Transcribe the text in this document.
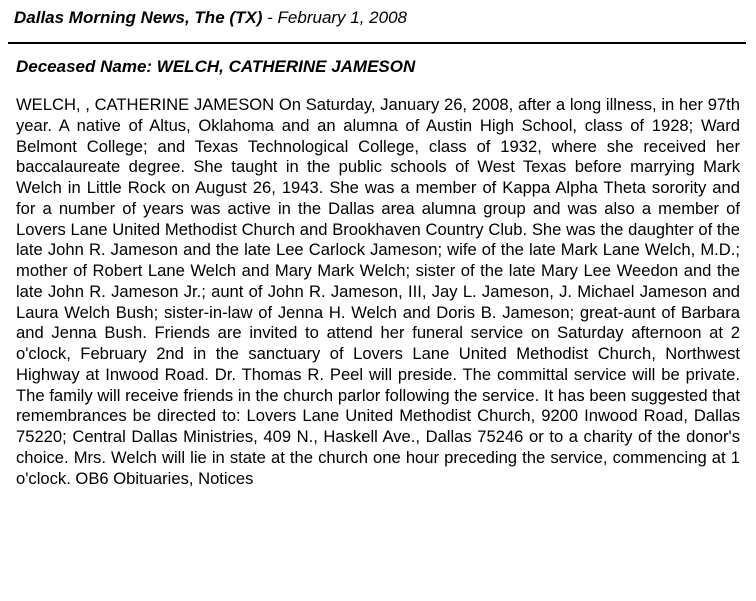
Dallas Morning News, The (TX) - February 1, 2008
Deceased Name: WELCH, CATHERINE JAMESON

WELCH, , CATHERINE JAMESON On Saturday, January 26, 2008, after a long illness, in her 97th year. A native of Altus, Oklahoma and an alumna of Austin High School, class of 1928; Ward Belmont College; and Texas Technological College, class of 1932, where she received her baccalaureate degree. She taught in the public schools of West Texas before marrying Mark Welch in Little Rock on August 26, 1943. She was a member of Kappa Alpha Theta sorority and for a number of years was active in the Dallas area alumna group and was also a member of Lovers Lane United Methodist Church and Brookhaven Country Club. She was the daughter of the late John R. Jameson and the late Lee Carlock Jameson; wife of the late Mark Lane Welch, M.D.; mother of Robert Lane Welch and Mary Mark Welch; sister of the late Mary Lee Weedon and the late John R. Jameson Jr.; aunt of John R. Jameson, III, Jay L. Jameson, J. Michael Jameson and Laura Welch Bush; sister-in-law of Jenna H. Welch and Doris B. Jameson; great-aunt of Barbara and Jenna Bush. Friends are invited to attend her funeral service on Saturday afternoon at 2 o'clock, February 2nd in the sanctuary of Lovers Lane United Methodist Church, Northwest Highway at Inwood Road. Dr. Thomas R. Peel will preside. The committal service will be private. The family will receive friends in the church parlor following the service. It has been suggested that remembrances be directed to: Lovers Lane United Methodist Church, 9200 Inwood Road, Dallas 75220; Central Dallas Ministries, 409 N., Haskell Ave., Dallas 75246 or to a charity of the donor's choice. Mrs. Welch will lie in state at the church one hour preceding the service, commencing at 1 o'clock. OB6 Obituaries, Notices
